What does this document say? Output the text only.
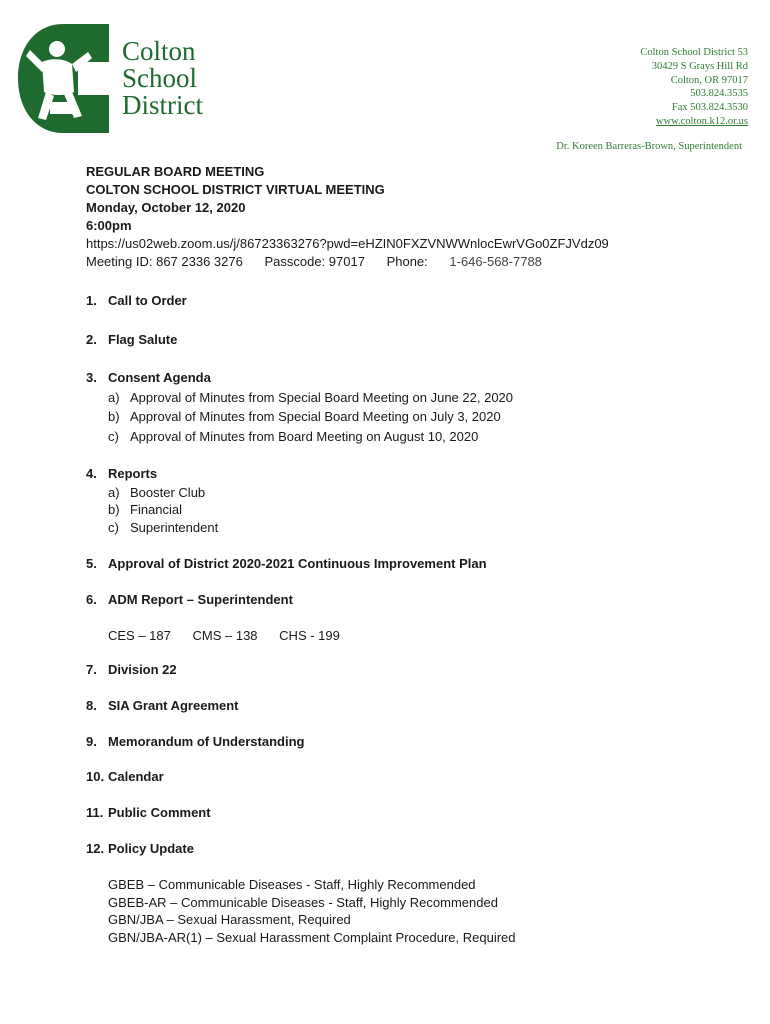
Colton
School
District
Colton School District 53
30429 S Grays Hill Rd
Colton, OR 97017
503.824.3535
Fax 503.824.3530
www.colton.k12.or.us
Dr. Koreen Barreras-Brown, Superintendent
REGULAR BOARD MEETING
COLTON SCHOOL DISTRICT VIRTUAL MEETING
Monday, October 12, 2020
6:00pm
https://us02web.zoom.us/j/86723363276?pwd=eHZIN0FXZVNWWnlocEwrVGo0ZFJVdz09
Meeting ID: 867 2336 3276 Passcode: 97017 Phone: 1-646-568-7788
1. Call to Order
2. Flag Salute
3. Consent Agenda
a) Approval of Minutes from Special Board Meeting on June 22, 2020
b) Approval of Minutes from Special Board Meeting on July 3, 2020
c) Approval of Minutes from Board Meeting on August 10, 2020
4. Reports
a) Booster Club
b) Financial
c) Superintendent
5. Approval of District 2020-2021 Continuous Improvement Plan
6. ADM Report – Superintendent
CES – 187 CMS – 138 CHS - 199
7. Division 22
8. SIA Grant Agreement
9. Memorandum of Understanding
10. Calendar
11. Public Comment
12. Policy Update
GBEB – Communicable Diseases - Staff, Highly Recommended
GBEB-AR – Communicable Diseases - Staff, Highly Recommended
GBN/JBA – Sexual Harassment, Required
GBN/JBA-AR(1) – Sexual Harassment Complaint Procedure, Required
